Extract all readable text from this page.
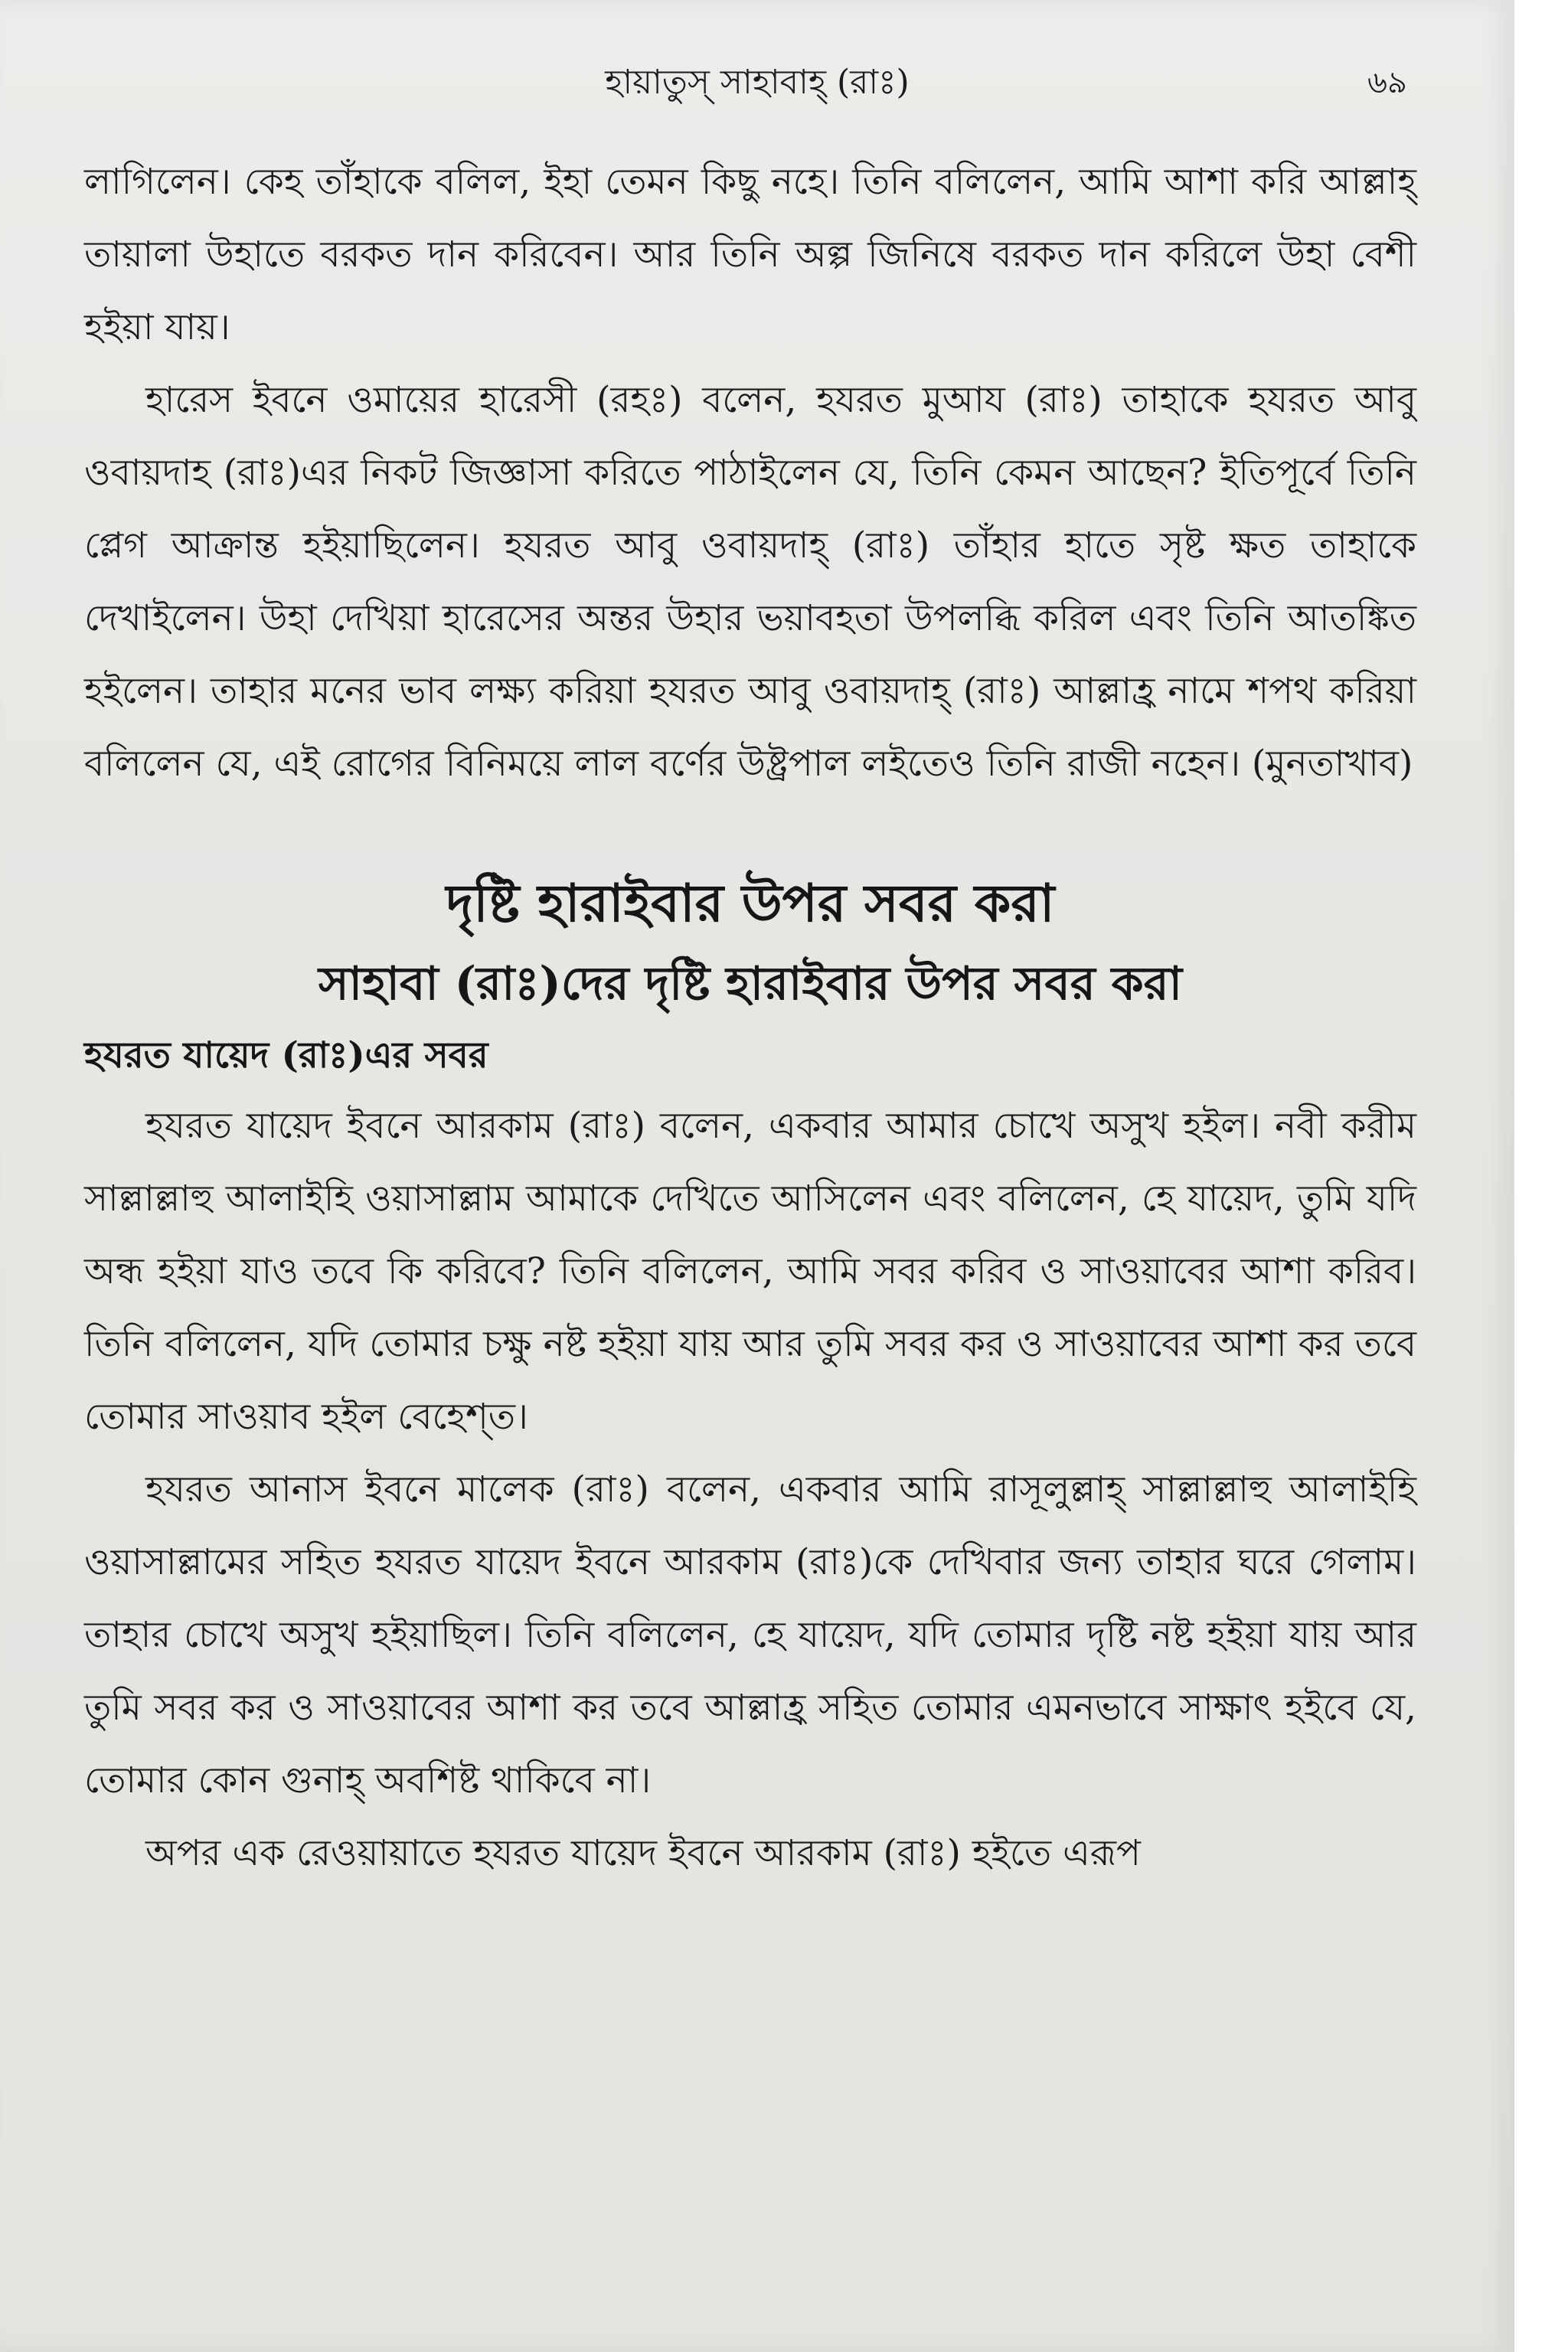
হায়াতুস্ সাহাবাহ্ (রাঃ)	৬৯

লাগিলেন। কেহ তাঁহাকে বলিল, ইহা তেমন কিছু নহে। তিনি বলিলেন, আমি আশা করি আল্লাহ্ তায়ালা উহাতে বরকত দান করিবেন। আর তিনি অল্প জিনিষে বরকত দান করিলে উহা বেশী হইয়া যায়।

হারেস ইবনে ওমায়ের হারেসী (রহঃ) বলেন, হযরত মুআয (রাঃ) তাহাকে হযরত আবু ওবায়দাহ (রাঃ)এর নিকট জিজ্ঞাসা করিতে পাঠাইলেন যে, তিনি কেমন আছেন? ইতিপূর্বে তিনি প্লেগ আক্রান্ত হইয়াছিলেন। হযরত আবু ওবায়দাহ্ (রাঃ) তাঁহার হাতে সৃষ্ট ক্ষত তাহাকে দেখাইলেন। উহা দেখিয়া হারেসের অন্তর উহার ভয়াবহতা উপলব্ধি করিল এবং তিনি আতঙ্কিত হইলেন। তাহার মনের ভাব লক্ষ্য করিয়া হযরত আবু ওবায়দাহ্ (রাঃ) আল্লাহ্র নামে শপথ করিয়া বলিলেন যে, এই রোগের বিনিময়ে লাল বর্ণের উষ্ট্রপাল লইতেও তিনি রাজী নহেন। (মুনতাখাব)

দৃষ্টি হারাইবার উপর সবর করা
সাহাবা (রাঃ)দের দৃষ্টি হারাইবার উপর সবর করা
হযরত যায়েদ (রাঃ)এর সবর

হযরত যায়েদ ইবনে আরকাম (রাঃ) বলেন, একবার আমার চোখে অসুখ হইল। নবী করীম সাল্লাল্লাহু আলাইহি ওয়াসাল্লাম আমাকে দেখিতে আসিলেন এবং বলিলেন, হে যায়েদ, তুমি যদি অন্ধ হইয়া যাও তবে কি করিবে? তিনি বলিলেন, আমি সবর করিব ও সাওয়াবের আশা করিব। তিনি বলিলেন, যদি তোমার চক্ষু নষ্ট হইয়া যায় আর তুমি সবর কর ও সাওয়াবের আশা কর তবে তোমার সাওয়াব হইল বেহেশ্‌ত।

হযরত আনাস ইবনে মালেক (রাঃ) বলেন, একবার আমি রাসূলুল্লাহ্ সাল্লাল্লাহু আলাইহি ওয়াসাল্লামের সহিত হযরত যায়েদ ইবনে আরকাম (রাঃ)কে দেখিবার জন্য তাহার ঘরে গেলাম। তাহার চোখে অসুখ হইয়াছিল। তিনি বলিলেন, হে যায়েদ, যদি তোমার দৃষ্টি নষ্ট হইয়া যায় আর তুমি সবর কর ও সাওয়াবের আশা কর তবে আল্লাহ্র সহিত তোমার এমনভাবে সাক্ষাৎ হইবে যে, তোমার কোন গুনাহ্ অবশিষ্ট থাকিবে না।

অপর এক রেওয়ায়াতে হযরত যায়েদ ইবনে আরকাম (রাঃ) হইতে এরূপ
